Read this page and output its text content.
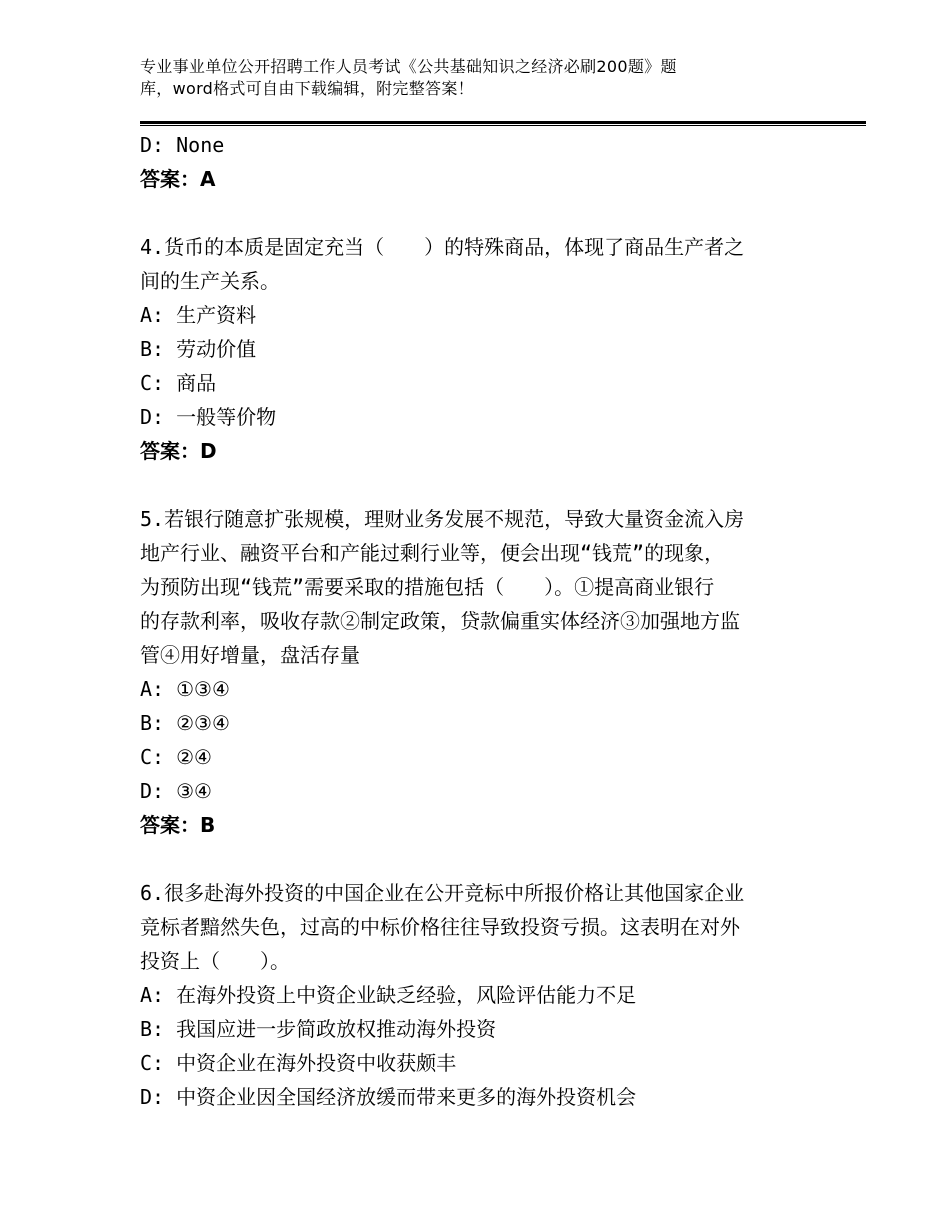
专业事业单位公开招聘工作人员考试《公共基础知识之经济必刷200题》题
库，word格式可自由下载编辑，附完整答案！
D: None
答案：A
4.货币的本质是固定充当（　　）的特殊商品，体现了商品生产者之
间的生产关系。
A: 生产资料
B: 劳动价值
C: 商品
D: 一般等价物
答案：D
5.若银行随意扩张规模，理财业务发展不规范，导致大量资金流入房
地产行业、融资平台和产能过剩行业等，便会出现“钱荒”的现象，
为预防出现“钱荒”需要采取的措施包括（　　）。①提高商业银行
的存款利率，吸收存款②制定政策，贷款偏重实体经济③加强地方监
管④用好增量，盘活存量
A: ①③④
B: ②③④
C: ②④
D: ③④
答案：B
6.很多赴海外投资的中国企业在公开竞标中所报价格让其他国家企业
竞标者黯然失色，过高的中标价格往往导致投资亏损。这表明在对外
投资上（　　）。
A: 在海外投资上中资企业缺乏经验，风险评估能力不足
B: 我国应进一步简政放权推动海外投资
C: 中资企业在海外投资中收获颇丰
D: 中资企业因全国经济放缓而带来更多的海外投资机会
